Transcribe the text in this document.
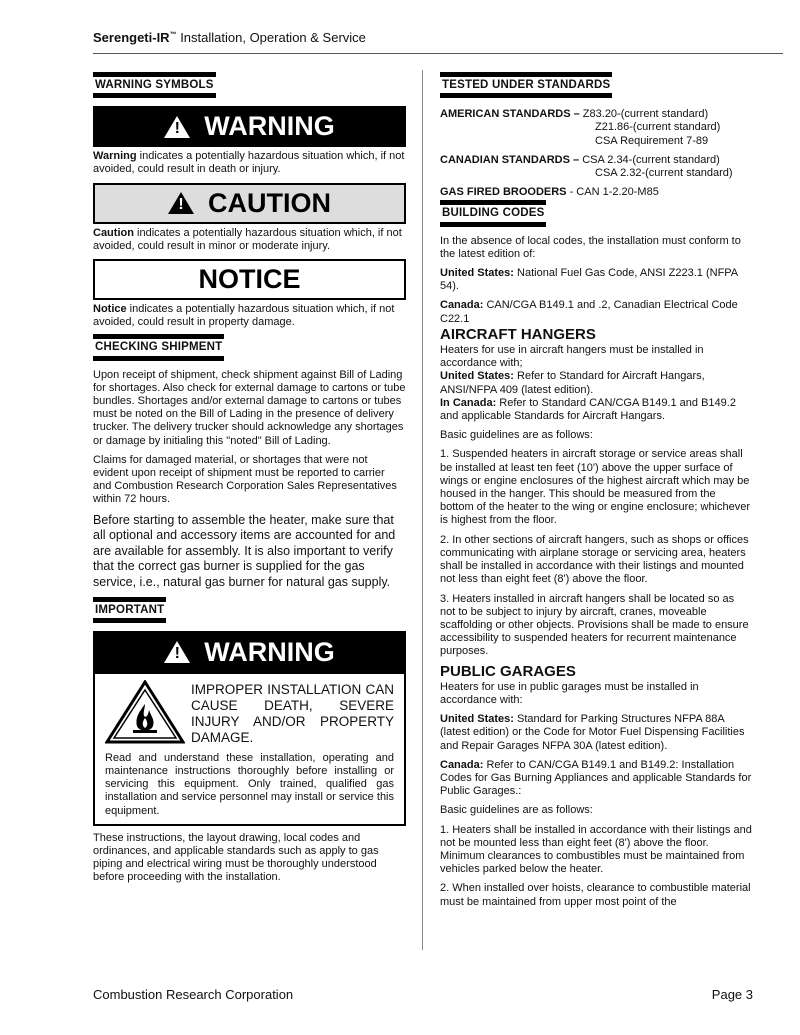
Serengeti-IR™ Installation, Operation & Service
WARNING SYMBOLS
! WARNING
Warning indicates a potentially hazardous situation which, if not avoided, could result in death or injury.
! CAUTION
Caution indicates a potentially hazardous situation which, if not avoided, could result in minor or moderate injury.
NOTICE
Notice indicates a potentially hazardous situation which, if not avoided, could result in property damage.
CHECKING SHIPMENT

Upon receipt of shipment, check shipment against Bill of Lading for shortages. Also check for external damage to cartons or tube bundles. Shortages and/or external damage to cartons or tubes must be noted on the Bill of Lading in the presence of delivery trucker. The delivery trucker should acknowledge any shortages or damage by initialing this "noted" Bill of Lading.

Claims for damaged material, or shortages that were not evident upon receipt of shipment must be reported to carrier and Combustion Research Corporation Sales Representatives within 72 hours.

Before starting to assemble the heater, make sure that all optional and accessory items are accounted for and are available for assembly. It is also important to verify that the correct gas burner is supplied for the gas service, i.e., natural gas burner for natural gas supply.

IMPORTANT
! WARNING
IMPROPER INSTALLATION CAN CAUSE DEATH, SEVERE INJURY AND/OR PROPERTY DAMAGE.
Read and understand these installation, operating and maintenance instructions thoroughly before installing or servicing this equipment. Only trained, qualified gas installation and service personnel may install or service this equipment.

These instructions, the layout drawing, local codes and ordinances, and applicable standards such as apply to gas piping and electrical wiring must be thoroughly understood before proceeding with the installation.

TESTED UNDER STANDARDS
AMERICAN STANDARDS – Z83.20-(current standard)
Z21.86-(current standard)
CSA Requirement 7-89
CANADIAN STANDARDS – CSA 2.34-(current standard)
CSA 2.32-(current standard)
GAS FIRED BROODERS - CAN 1-2.20-M85
BUILDING CODES

In the absence of local codes, the installation must conform to the latest edition of:

United States: National Fuel Gas Code, ANSI Z223.1 (NFPA 54).

Canada: CAN/CGA B149.1 and .2, Canadian Electrical Code C22.1

AIRCRAFT HANGERS
Heaters for use in aircraft hangers must be installed in accordance with;
United States: Refer to Standard for Aircraft Hangars, ANSI/NFPA 409 (latest edition).

In Canada: Refer to Standard CAN/CGA B149.1 and B149.2 and applicable Standards for Aircraft Hangars.

Basic guidelines are as follows:

1. Suspended heaters in aircraft storage or service areas shall be installed at least ten feet (10') above the upper surface of wings or engine enclosures of the highest aircraft which may be housed in the hanger. This should be measured from the bottom of the heater to the wing or engine enclosure; whichever is highest from the floor.

2. In other sections of aircraft hangers, such as shops or offices communicating with airplane storage or servicing area, heaters shall be installed in accordance with their listings and mounted not less than eight feet (8') above the floor.

3. Heaters installed in aircraft hangers shall be located so as not to be subject to injury by aircraft, cranes, moveable scaffolding or other objects. Provisions shall be made to ensure accessibility to suspended heaters for recurrent maintenance purposes.

PUBLIC GARAGES

Heaters for use in public garages must be installed in accordance with:

United States: Standard for Parking Structures NFPA 88A (latest edition) or the Code for Motor Fuel Dispensing Facilities and Repair Garages NFPA 30A (latest edition).

Canada: Refer to CAN/CGA B149.1 and B149.2: Installation Codes for Gas Burning Appliances and applicable Standards for Public Garages.:

Basic guidelines are as follows:

1. Heaters shall be installed in accordance with their listings and not be mounted less than eight feet (8') above the floor. Minimum clearances to combustibles must be maintained from vehicles parked below the heater.

2. When installed over hoists, clearance to combustible material must be maintained from upper most point of the

Combustion Research Corporation	Page 3
